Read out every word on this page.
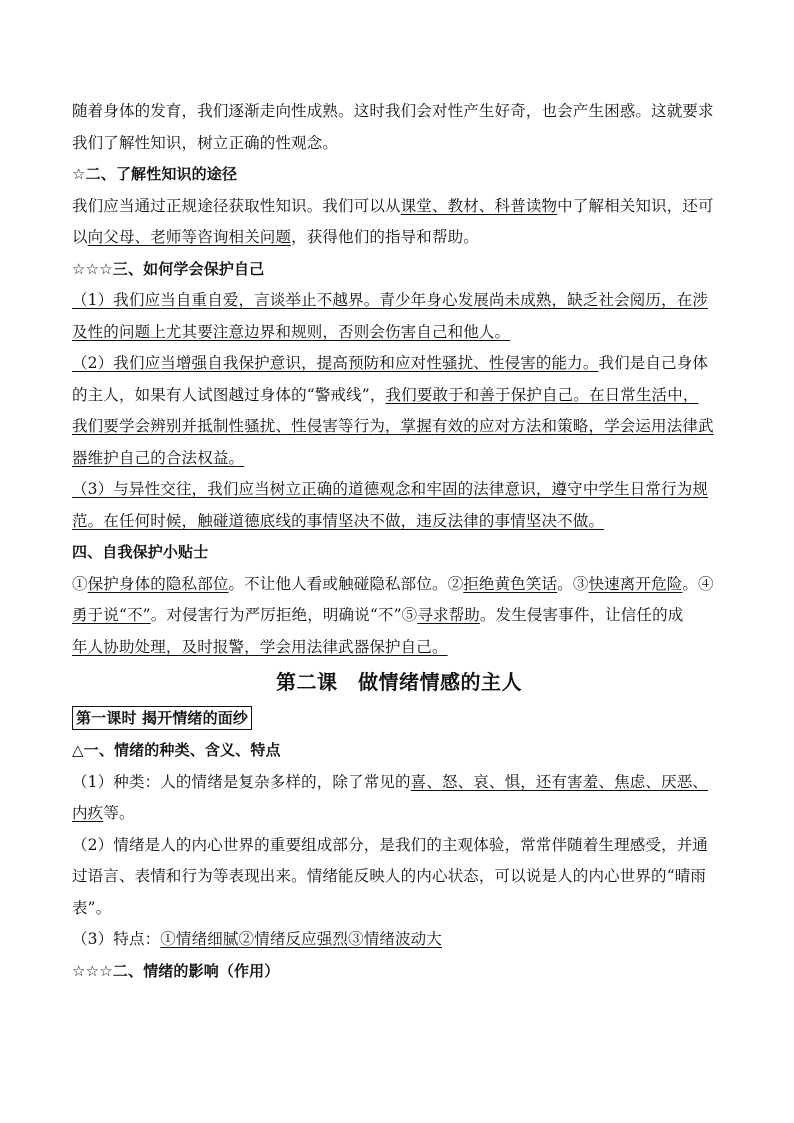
随着身体的发育，我们逐渐走向性成熟。这时我们会对性产生好奇，也会产生困惑。这就要求
我们了解性知识，树立正确的性观念。
☆二、了解性知识的途径
我们应当通过正规途径获取性知识。我们可以从课堂、教材、科普读物中了解相关知识，还可
以向父母、老师等咨询相关问题，获得他们的指导和帮助。
☆☆☆三、如何学会保护自己
（1）我们应当自重自爱，言谈举止不越界。青少年身心发展尚未成熟，缺乏社会阅历，在涉
及性的问题上尤其要注意边界和规则，否则会伤害自己和他人。
（2）我们应当增强自我保护意识，提高预防和应对性骚扰、性侵害的能力。我们是自己身体
的主人，如果有人试图越过身体的“警戒线”，我们要敢于和善于保护自己。在日常生活中，
我们要学会辨别并抵制性骚扰、性侵害等行为，掌握有效的应对方法和策略，学会运用法律武
器维护自己的合法权益。
（3）与异性交往，我们应当树立正确的道德观念和牢固的法律意识，遵守中学生日常行为规
范。在任何时候，触碰道德底线的事情坚决不做，违反法律的事情坚决不做。
四、自我保护小贴士
①保护身体的隐私部位。不让他人看或触碰隐私部位。②拒绝黄色笑话。③快速离开危险。④
勇于说“不”。对侵害行为严厉拒绝，明确说“不”⑤寻求帮助。发生侵害事件，让信任的成
年人协助处理，及时报警，学会用法律武器保护自己。
第二课　做情绪情感的主人
第一课时 揭开情绪的面纱
△一、情绪的种类、含义、特点
（1）种类：人的情绪是复杂多样的，除了常见的喜、怒、哀、惧，还有害羞、焦虑、厌恶、
内疚等。
（2）情绪是人的内心世界的重要组成部分，是我们的主观体验，常常伴随着生理感受，并通
过语言、表情和行为等表现出来。情绪能反映人的内心状态，可以说是人的内心世界的“晴雨
表”。
（3）特点：①情绪细腻②情绪反应强烈③情绪波动大
☆☆☆二、情绪的影响（作用）
